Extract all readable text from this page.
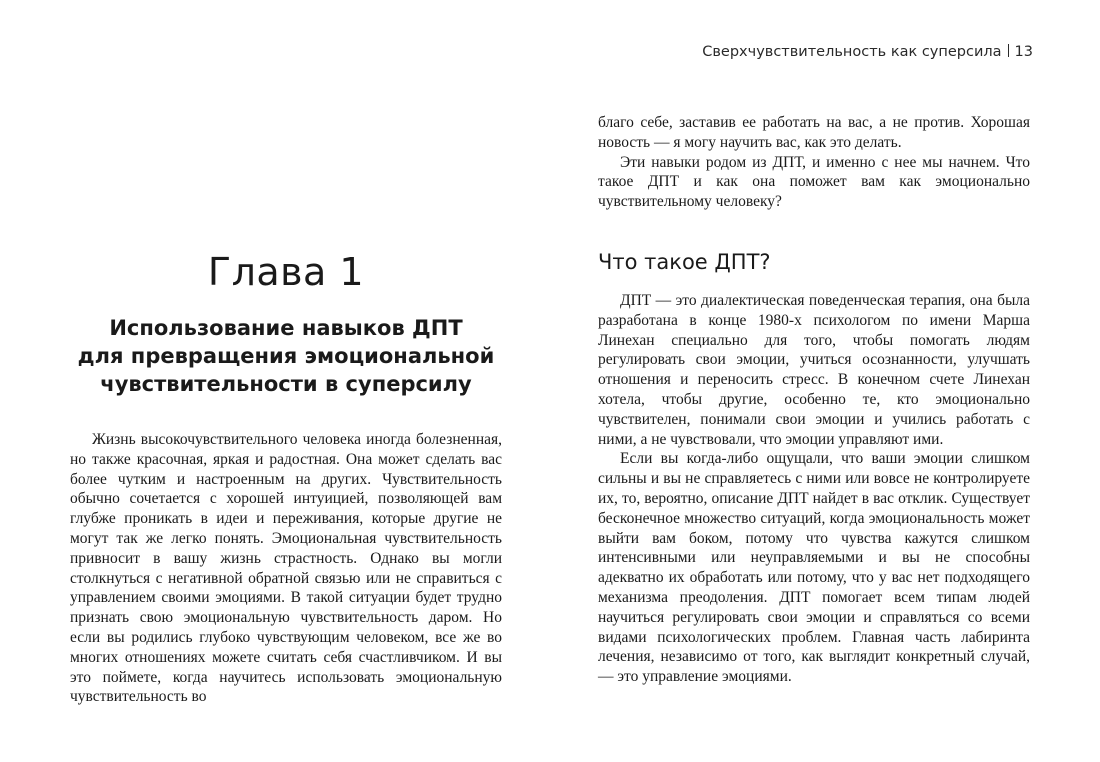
Сверхчувствительность как суперсила 13
Глава 1
Использование навыков ДПТ
для превращения эмоциональной
чувствительности в суперсилу

Жизнь высокочувствительного человека иногда болезненная, но также красочная, яркая и радостная. Она может сделать вас более чутким и настроенным на других. Чувствительность обычно сочетается с хорошей интуицией, позволяющей вам глубже проникать в идеи и переживания, которые другие не могут так же легко понять. Эмоциональная чувствительность привносит в вашу жизнь страстность. Однако вы могли столкнуться с негативной обратной связью или не справиться с управлением своими эмоциями. В такой ситуации будет трудно признать свою эмоциональную чувствительность даром. Но если вы родились глубоко чувствующим человеком, все же во многих отношениях можете считать себя счастливчиком. И вы это поймете, когда научитесь использовать эмоциональную чувствительность во

благо себе, заставив ее работать на вас, а не против. Хорошая новость — я могу научить вас, как это делать.

Эти навыки родом из ДПТ, и именно с нее мы начнем. Что такое ДПТ и как она поможет вам как эмоционально чувствительному человеку?

Что такое ДПТ?

ДПТ — это диалектическая поведенческая терапия, она была разработана в конце 1980-х психологом по имени Марша Линехан специально для того, чтобы помогать людям регулировать свои эмоции, учиться осознанности, улучшать отношения и переносить стресс. В конечном счете Линехан хотела, чтобы другие, особенно те, кто эмоционально чувствителен, понимали свои эмоции и учились работать с ними, а не чувствовали, что эмоции управляют ими.

Если вы когда-либо ощущали, что ваши эмоции слишком сильны и вы не справляетесь с ними или вовсе не контролируете их, то, вероятно, описание ДПТ найдет в вас отклик. Существует бесконечное множество ситуаций, когда эмоциональность может выйти вам боком, потому что чувства кажутся слишком интенсивными или неуправляемыми и вы не способны адекватно их обработать или потому, что у вас нет подходящего механизма преодоления. ДПТ помогает всем типам людей научиться регулировать свои эмоции и справляться со всеми видами психологических проблем. Главная часть лабиринта лечения, независимо от того, как выглядит конкретный случай, — это управление эмоциями.
